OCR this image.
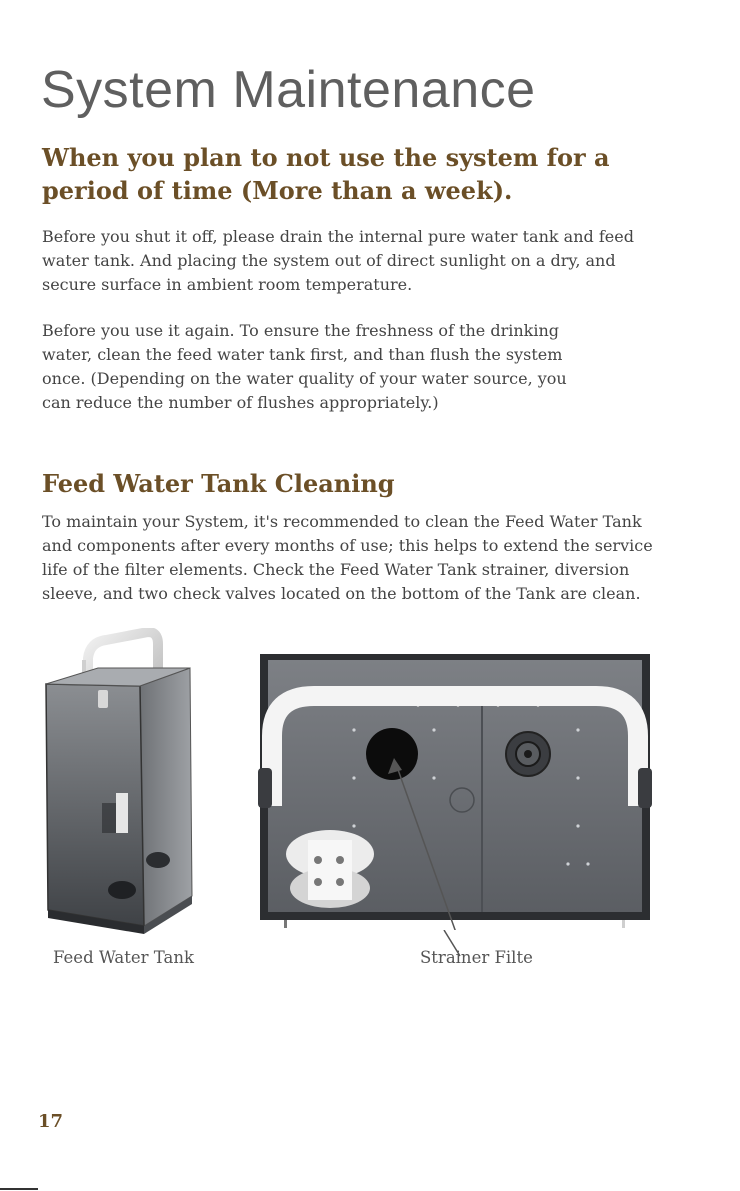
System Maintenance
When you plan to not use the system for a
period of time (More than a week).

Before you shut it off, please drain the internal pure water tank and feed
water tank. And placing the system out of direct sunlight on a dry, and
secure surface in ambient room temperature.

Before you use it again. To ensure the freshness of the drinking
water, clean the feed water tank first, and than flush the system
once. (Depending on the water quality of your water source, you
can reduce the number of flushes appropriately.)

Feed Water Tank Cleaning

To maintain your System, it's recommended to clean the Feed Water Tank
and components after every months of use; this helps to extend the service
life of the filter elements. Check the Feed Water Tank strainer, diversion
sleeve, and two check valves located on the bottom of the Tank are clean.

Feed Water Tank	Strainer Filte

17
